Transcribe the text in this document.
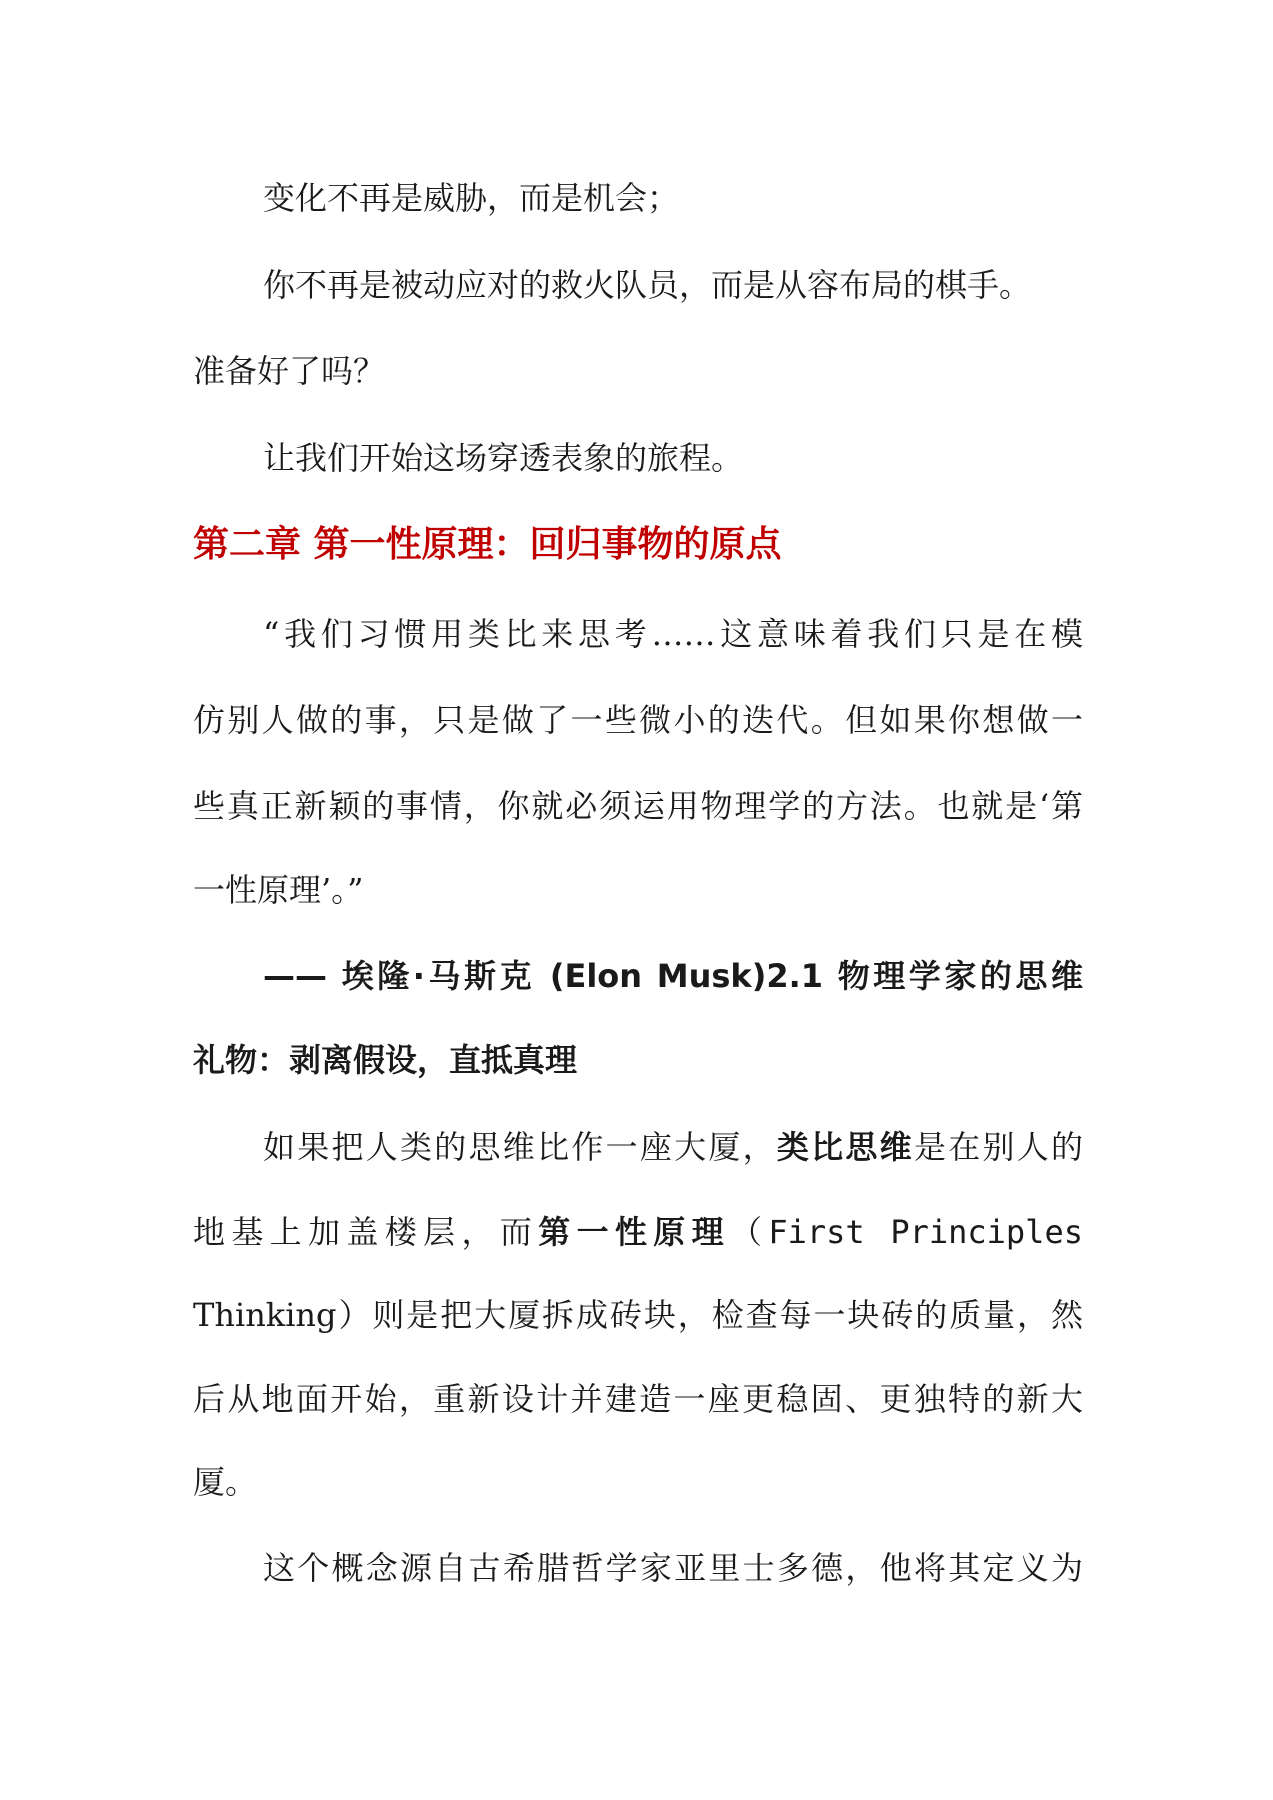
变化不再是威胁，而是机会；
你不再是被动应对的救火队员，而是从容布局的棋手。
准备好了吗？
让我们开始这场穿透表象的旅程。
第二章 第一性原理：回归事物的原点
“我们习惯用类比来思考……这意味着我们只是在模
仿别人做的事，只是做了一些微小的迭代。但如果你想做一
些真正新颖的事情，你就必须运用物理学的方法。也就是‘第
一性原理’。”
—— 埃隆·马斯克 (Elon Musk)2.1 物理学家的思维
礼物：剥离假设，直抵真理
如果把人类的思维比作一座大厦，类比思维是在别人的
地基上加盖楼层，而第一性原理（First Principles
Thinking）则是把大厦拆成砖块，检查每一块砖的质量，然
后从地面开始，重新设计并建造一座更稳固、更独特的新大
厦。
这个概念源自古希腊哲学家亚里士多德，他将其定义为
